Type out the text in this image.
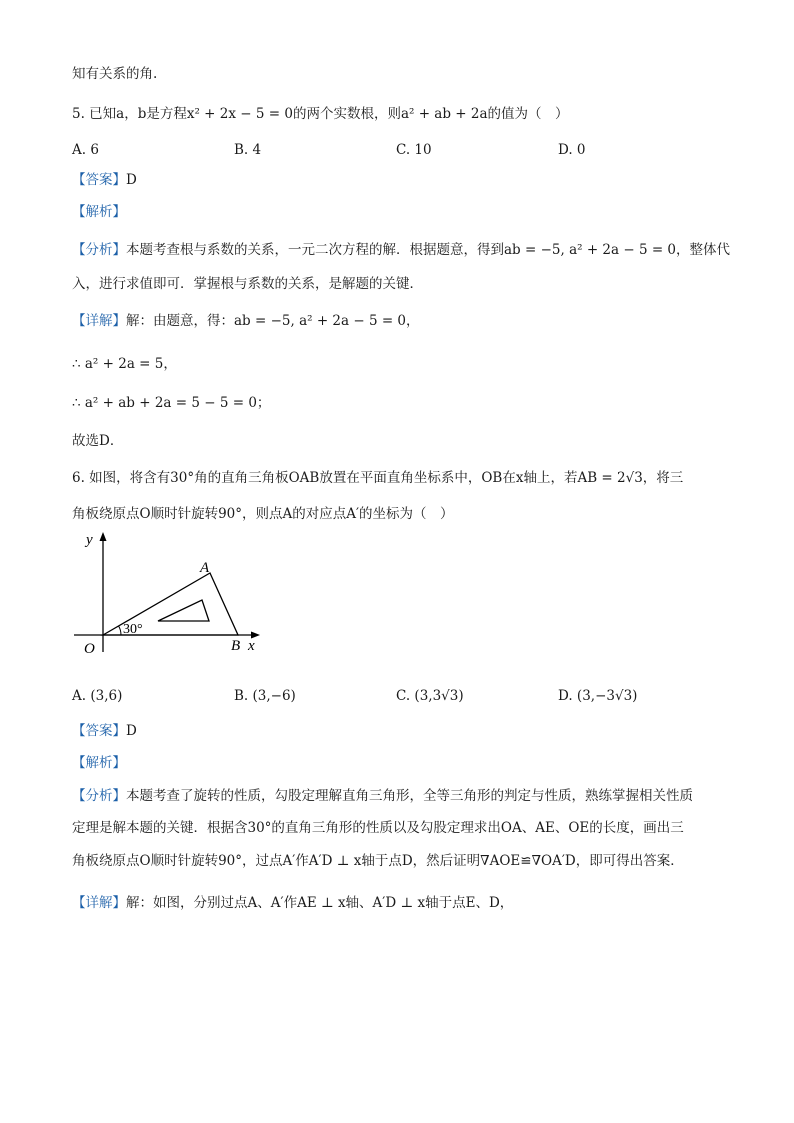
知有关系的角.
5. 已知a，b是方程x² + 2x − 5 = 0的两个实数根，则a² + ab + 2a的值为（　）
A. 6	B. 4	C. 10	D. 0
【答案】D
【解析】
【分析】本题考查根与系数的关系，一元二次方程的解．根据题意，得到ab = −5, a² + 2a − 5 = 0，整体代
入，进行求值即可．掌握根与系数的关系，是解题的关键．
【详解】解：由题意，得：ab = −5, a² + 2a − 5 = 0，
∴ a² + 2a = 5，
∴ a² + ab + 2a = 5 − 5 = 0；
故选D．
6. 如图，将含有30°角的直角三角板OAB放置在平面直角坐标系中，OB在x轴上，若AB = 2√3，将三
角板绕原点O顺时针旋转90°，则点A的对应点A′的坐标为（　）
y
A
30°
O	B x
A. (3,6)	B. (3,−6)	C. (3,3√3)	D. (3,−3√3)
【答案】D
【解析】
【分析】本题考查了旋转的性质，勾股定理解直角三角形，全等三角形的判定与性质，熟练掌握相关性质
定理是解本题的关键．根据含30°的直角三角形的性质以及勾股定理求出OA、AE、OE的长度，画出三
角板绕原点O顺时针旋转90°，过点A′作A′D ⊥ x轴于点D，然后证明∇AOE≌∇OA′D，即可得出答案．
【详解】解：如图，分别过点A、A′作AE ⊥ x轴、A′D ⊥ x轴于点E、D，
